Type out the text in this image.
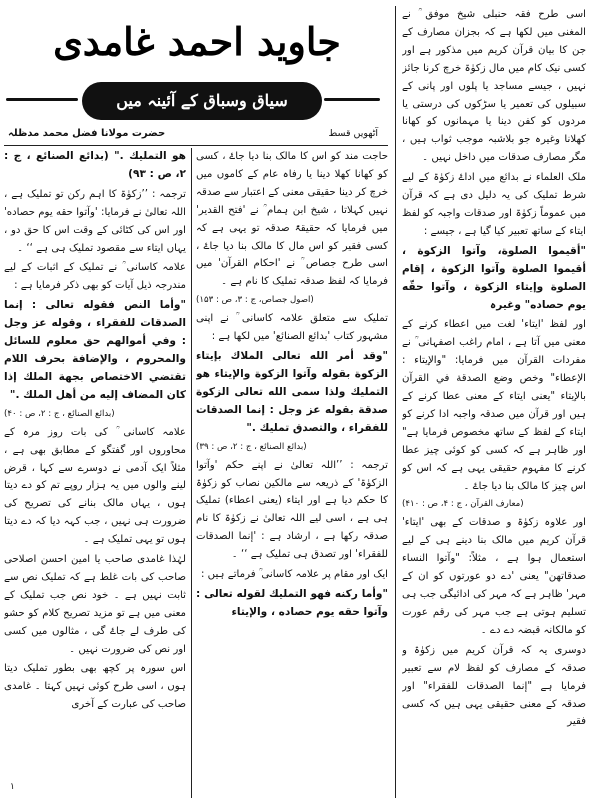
جاوید احمد غامدی
سیاق وسباق کے آئینہ میں
آٹھویں قسط
حضرت مولانا فضل محمد مدظلہ

اسی طرح فقہ حنبلی شیخ موفق ؒ نے المغنی میں لکھا ہے کہ بجزان مصارف کے جن کا بیان قرآن کریم میں مذکور ہے اور کسی نیک کام میں مال زکوٰۃ خرچ کرنا جائز نہیں ، جیسے مساجد یا پلوں اور پانی کے سبیلوں کی تعمیر یا سڑکوں کی درستی یا مردوں کو کفن دینا یا مہمانوں کو کھانا کھلانا وغیرہ جو بلاشبہ موجب ثواب ہیں ، مگر مصارف صدقات میں داخل نہیں ۔

ملک العلماء نے بدائع میں اداۓ زکوٰۃ کے لیے شرط تملیک کی یہ دلیل دی ہے کہ قرآن میں عموماً زکوٰۃ اور صدقات واجبہ کو لفظ ایتاء کے ساتھ تعبیر کیا گیا ہے ، جیسے :

"أقيموا الصلوة، وآتوا الزكوة ، أقيموا الصلوة وآتوا الزكوة ، إقام الصلوة وإيتاء الزكوة ، وآتوا حقّه يوم حصاده" وغیرہ

اور لفظ 'ایتاء' لغت میں اعطاء کرنے کے معنی میں آتا ہے ، امام راغب اصفہانی ؒ نے مفردات القرآن میں فرمایا: "والإيتاء : الإعطاء" وخص وضع الصدقة في القرآن بالإيتاء "یعنی ایتاء کے معنی عطا کرنے کے ہیں اور قرآن میں صدقہ واجبہ ادا کرنے کو ایتاء کے لفظ کے ساتھ مخصوص فرمایا ہے" اور ظاہر ہے کہ کسی کو کوئی چیز عطا کرنے کا مفہوم حقیقی یہی ہے کہ اس کو اس چیز کا مالک بنا دیا جاۓ ۔

(معارف القرآن ، ج : ۴، ص : ۴۱۰)

اور علاوہ زکوٰۃ و صدقات کے بھی 'ایتاء' قرآن کریم میں مالک بنا دینے ہی کے لیے استعمال ہوا ہے ، مثلاً: "وآتوا النساء صدقاتهن" یعنی 'دے دو عورتوں کو ان کے مہر' ظاہر ہے کہ مہر کی ادائیگی جب ہی تسلیم ہوتی ہے جب مہر کی رقم عورت کو مالکانہ قبضہ دے دے ۔

دوسری یہ کہ قرآن کریم میں زکوٰۃ و صدقہ کے مصارف کو لفظ لام سے تعبیر فرمایا ہے "إنما الصدقات للفقراء" اور صدقہ کے معنی حقیقی یہی ہیں کہ کسی فقیر

حاجت مند کو اس کا مالک بنا دیا جاۓ ، کسی کو کھانا کھلا دینا یا رفاہ عام کے کاموں میں خرچ کر دینا حقیقی معنی کے اعتبار سے صدقہ نہیں کہلاتا ، شیخ ابن ہمام ؒ نے 'فتح القدیر' میں فرمایا کہ حقیقۃً صدقہ تو یہی ہے کہ کسی فقیر کو اس مال کا مالک بنا دیا جاۓ ، اسی طرح جصاص ؒ نے 'احکام القرآن' میں فرمایا کہ لفظ صدقہ تملیک کا نام ہے ۔

(اصول جصاص، ج : ۳، ص : ۱۵۳)

تملیک سے متعلق علامہ کاسانی ؒ نے اپنی مشہور کتاب 'بدائع الصنائع' میں لکھا ہے :

"وقد أمر الله تعالى الملاك بإيتاء الزكوة بقوله وآتوا الزكوة والإيتاء هو التمليك ولذا سمى الله تعالى الزكوة صدقة بقوله عز وجل : إنما الصدقات للفقراء ، والتصدق تمليك ."

(بدائع الصنائع ، ج : ۲، ص : ۳۹)

ترجمہ : ’’اللہ تعالیٰ نے اپنے حکم 'وآتوا الزکوٰۃ' کے ذریعہ سے مالکین نصاب کو زکوٰۃ کا حکم دیا ہے اور ایتاء (یعنی اعطاء) تملیک ہی ہے ، اسی لیے اللہ تعالیٰ نے زکوٰۃ کا نام صدقہ رکھا ہے ، ارشاد ہے : 'إنما الصدقات للفقراء' اور تصدق ہی تملیک ہے ‘‘ ۔

ایک اور مقام پر علامہ کاسانی ؒ فرماتے ہیں :

"وأما ركنه فهو التمليك لقوله تعالى : وآتوا حقه يوم حصاده ، والإيتاء

هو التمليك ." (بدائع الصنائع ، ج : ۲، ص : ۹۳)

ترجمہ : ’’زکوٰۃ کا اہم رکن تو تملیک ہے ، اللہ تعالیٰ نے فرمایا: 'وآتوا حقه يوم حصاده' اور اس کی کٹائی کے وقت اس کا حق دو ، یہاں ایتاء سے مقصود تملیک ہی ہے ‘‘ ۔

علامہ کاسانی ؒ نے تملیک کے اثبات کے لیے مندرجہ ذیل آیات کو بھی ذکر فرمایا ہے :

"وأما النص فقوله تعالى : إنما الصدقات للفقراء ، وقوله عز وجل : وفي أموالهم حق معلوم للسائل والمحروم ، والإضافة بحرف اللام تقتضي الاختصاص بجهة الملك إذا كان المضاف إليه من أهل الملك ."

(بدائع الصنائع ، ج : ۲، ص : ۴۰)

علامہ کاسانی ؒ کی بات روز مرہ کے محاوروں اور گفتگو کے مطابق بھی ہے ، مثلاً ایک آدمی نے دوسرے سے کہا ، قرض لینے والوں میں یہ ہزار روپے تم کو دے دیتا ہوں ، یہاں مالک بنانے کی تصریح کی ضرورت ہی نہیں ، جب کہہ دیا کہ دے دیتا ہوں تو یہی تملیک ہے ۔

لہٰذا غامدی صاحب یا امین احسن اصلاحی صاحب کی بات غلط ہے کہ تملیک نص سے ثابت نہیں ہے ۔ خود نص جب تملیک کے معنی میں ہے تو مزید تصریح کلام کو حشو کی طرف لے جاۓ گی ، مثالوں میں کسی اور نص کی ضرورت نہیں ۔

اس سورہ پر کچھ بھی بطور تملیک دیتا ہوں ، اسی طرح کوئی نہیں کہتا ۔ غامدی صاحب کی عبارت کے آخری

۱
